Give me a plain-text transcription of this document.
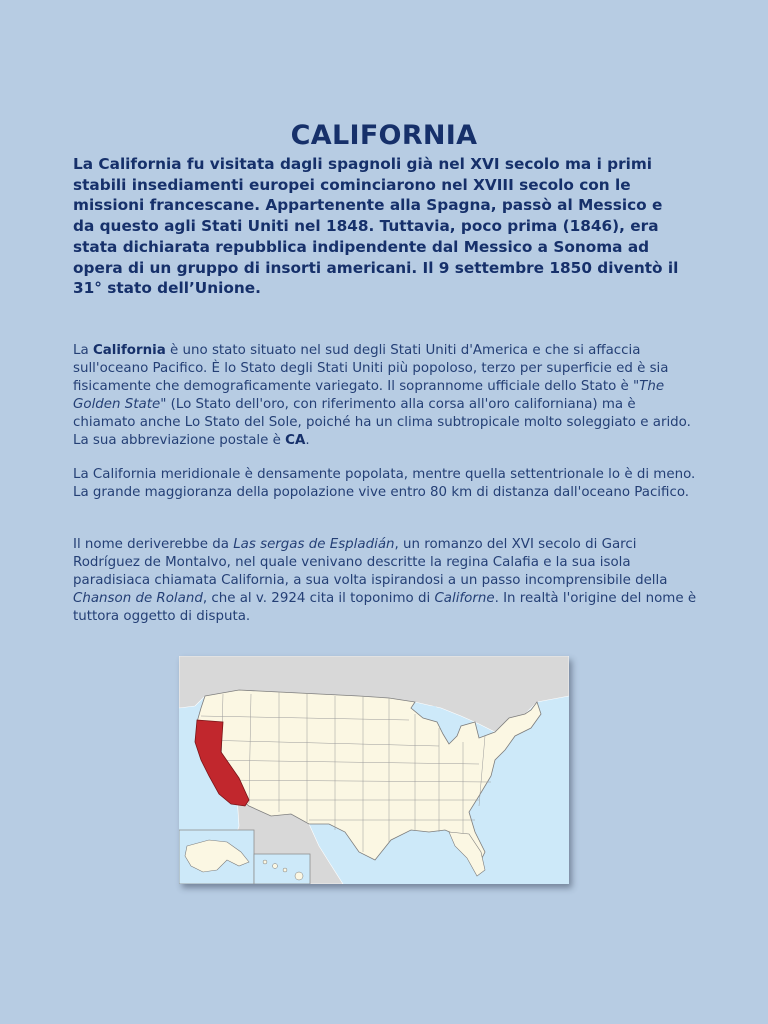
CALIFORNIA

La California fu visitata dagli spagnoli già nel XVI secolo ma i primi stabili insediamenti europei cominciarono nel XVIII secolo con le missioni francescane. Appartenente alla Spagna, passò al Messico e da questo agli Stati Uniti nel 1848. Tuttavia, poco prima (1846), era stata dichiarata repubblica indipendente dal Messico a Sonoma ad opera di un gruppo di insorti americani. Il 9 settembre 1850 diventò il 31° stato dell’Unione.

La California è uno stato situato nel sud degli Stati Uniti d'America e che si affaccia sull'oceano Pacifico. È lo Stato degli Stati Uniti più popoloso, terzo per superficie ed è sia fisicamente che demograficamente variegato. Il soprannome ufficiale dello Stato è "The Golden State" (Lo Stato dell'oro, con riferimento alla corsa all'oro californiana) ma è chiamato anche Lo Stato del Sole, poiché ha un clima subtropicale molto soleggiato e arido. La sua abbreviazione postale è CA.

La California meridionale è densamente popolata, mentre quella settentrionale lo è di meno. La grande maggioranza della popolazione vive entro 80 km di distanza dall'oceano Pacifico.

Il nome deriverebbe da Las sergas de Espladián, un romanzo del XVI secolo di Garci Rodríguez de Montalvo, nel quale venivano descritte la regina Calafia e la sua isola paradisiaca chiamata California, a sua volta ispirandosi a un passo incomprensibile della Chanson de Roland, che al v. 2924 cita il toponimo di Californe. In realtà l'origine del nome è tuttora oggetto di disputa.
